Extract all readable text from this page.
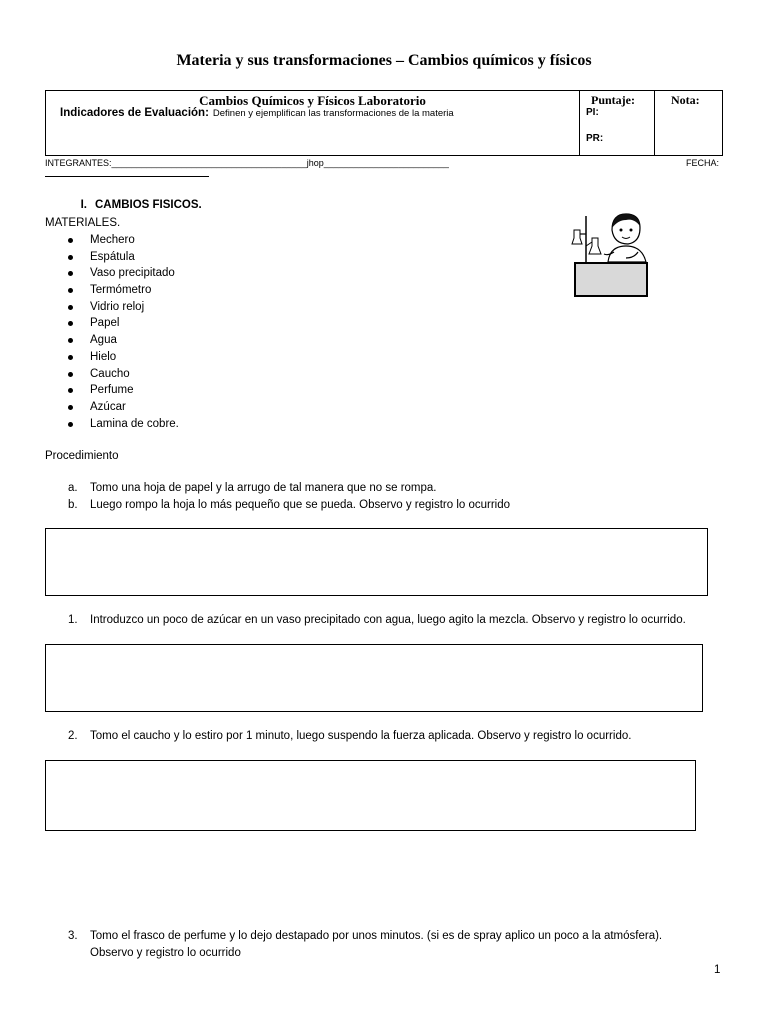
Materia y sus transformaciones – Cambios químicos y físicos
Cambios Químicos y Físicos Laboratorio
Indicadores de Evaluación: Definen y ejemplifican las transformaciones de la materia
Puntaje:
PI:
PR:
Nota:
INTEGRANTES:_______________________________________jhop_________________________	FECHA:
I. CAMBIOS FISICOS.
MATERIALES.
Mechero
Espátula
Vaso precipitado
Termómetro
Vidrio reloj
Papel
Agua
Hielo
Caucho
Perfume
Azúcar
Lamina de cobre.
Procedimiento
a. Tomo una hoja de papel y la arrugo de tal manera que no se rompa.
b. Luego rompo la hoja lo más pequeño que se pueda. Observo y registro lo ocurrido
1. Introduzco un poco de azúcar en un vaso precipitado con agua, luego agito la mezcla. Observo y registro lo ocurrido.
2. Tomo el caucho y lo estiro por 1 minuto, luego suspendo la fuerza aplicada. Observo y registro lo ocurrido.
3. Tomo el frasco de perfume y lo dejo destapado por unos minutos. (si es de spray aplico un poco a la atmósfera). Observo y registro lo ocurrido
1
